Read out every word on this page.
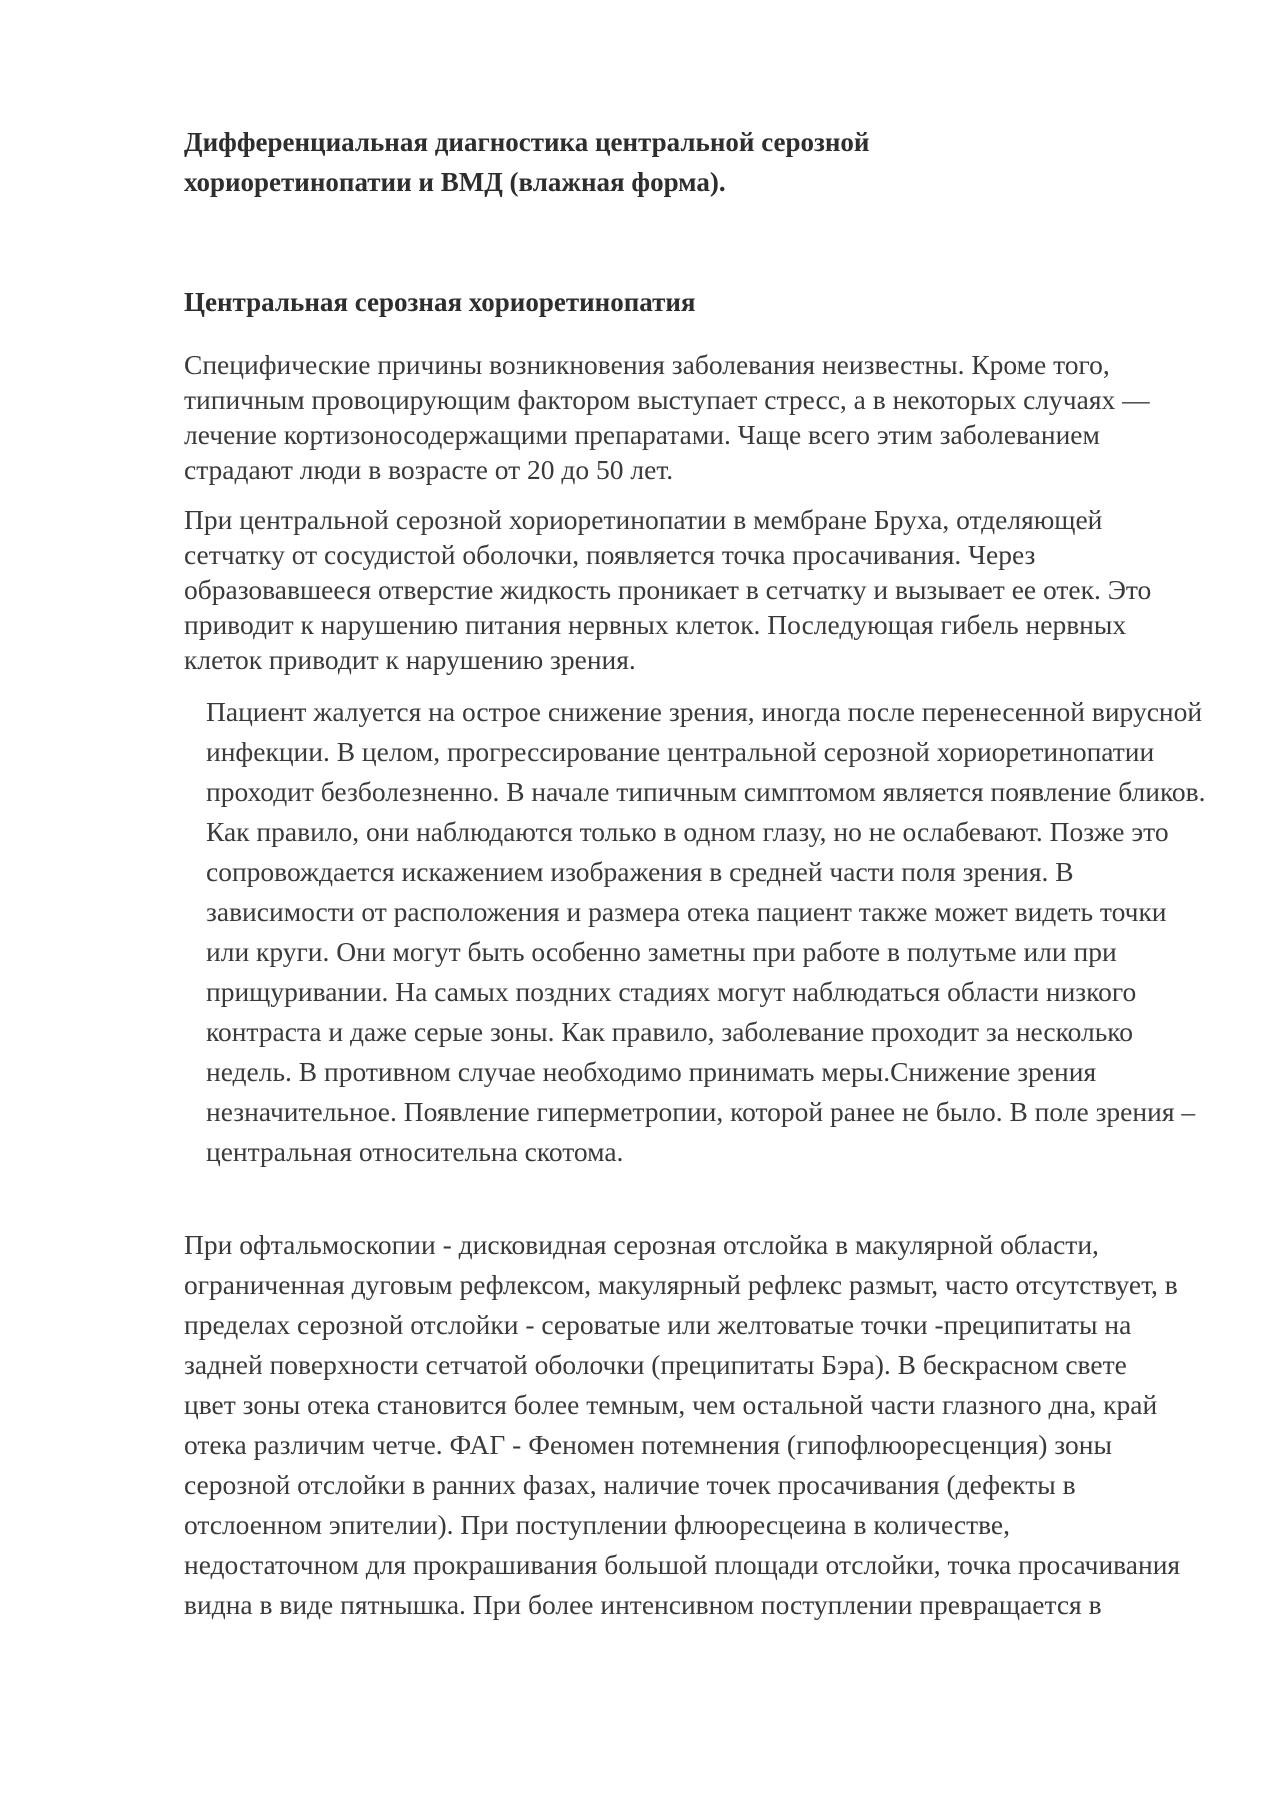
Дифференциальная диагностика центральной серозной хориоретинопатии и ВМД (влажная форма).
Центральная серозная хориоретинопатия

Специфические причины возникновения заболевания неизвестны. Кроме того, типичным провоцирующим фактором выступает стресс, а в некоторых случаях — лечение кортизоносодержащими препаратами. Чаще всего этим заболеванием страдают люди в возрасте от 20 до 50 лет.

При центральной серозной хориоретинопатии в мембране Бруха, отделяющей сетчатку от сосудистой оболочки, появляется точка просачивания. Через образовавшееся отверстие жидкость проникает в сетчатку и вызывает ее отек. Это приводит к нарушению питания нервных клеток. Последующая гибель нервных клеток приводит к нарушению зрения.

Пациент жалуется на острое снижение зрения, иногда после перенесенной вирусной инфекции. В целом, прогрессирование центральной серозной хориоретинопатии проходит безболезненно. В начале типичным симптомом является появление бликов. Как правило, они наблюдаются только в одном глазу, но не ослабевают. Позже это сопровождается искажением изображения в средней части поля зрения. В зависимости от расположения и размера отека пациент также может видеть точки или круги. Они могут быть особенно заметны при работе в полутьме или при прищуривании. На самых поздних стадиях могут наблюдаться области низкого контраста и даже серые зоны. Как правило, заболевание проходит за несколько недель. В противном случае необходимо принимать меры.Снижение зрения незначительное. Появление гиперметропии, которой ранее не было. В поле зрения – центральная относительна скотома.

При офтальмоскопии - дисковидная серозная отслойка в макулярной области, ограниченная дуговым рефлексом, макулярный рефлекс размыт, часто отсутствует, в пределах серозной отслойки - сероватые или желтоватые точки -преципитаты на задней поверхности сетчатой оболочки (преципитаты Бэра). В бескрасном свете цвет зоны отека становится более темным, чем остальной части глазного дна, край отека различим четче. ФАГ - Феномен потемнения (гипофлюоресценция) зоны серозной отслойки в ранних фазах, наличие точек просачивания (дефекты в отслоенном эпителии). При поступлении флюоресцеина в количестве, недостаточном для прокрашивания большой площади отслойки, точка просачивания видна в виде пятнышка. При более интенсивном поступлении превращается в
